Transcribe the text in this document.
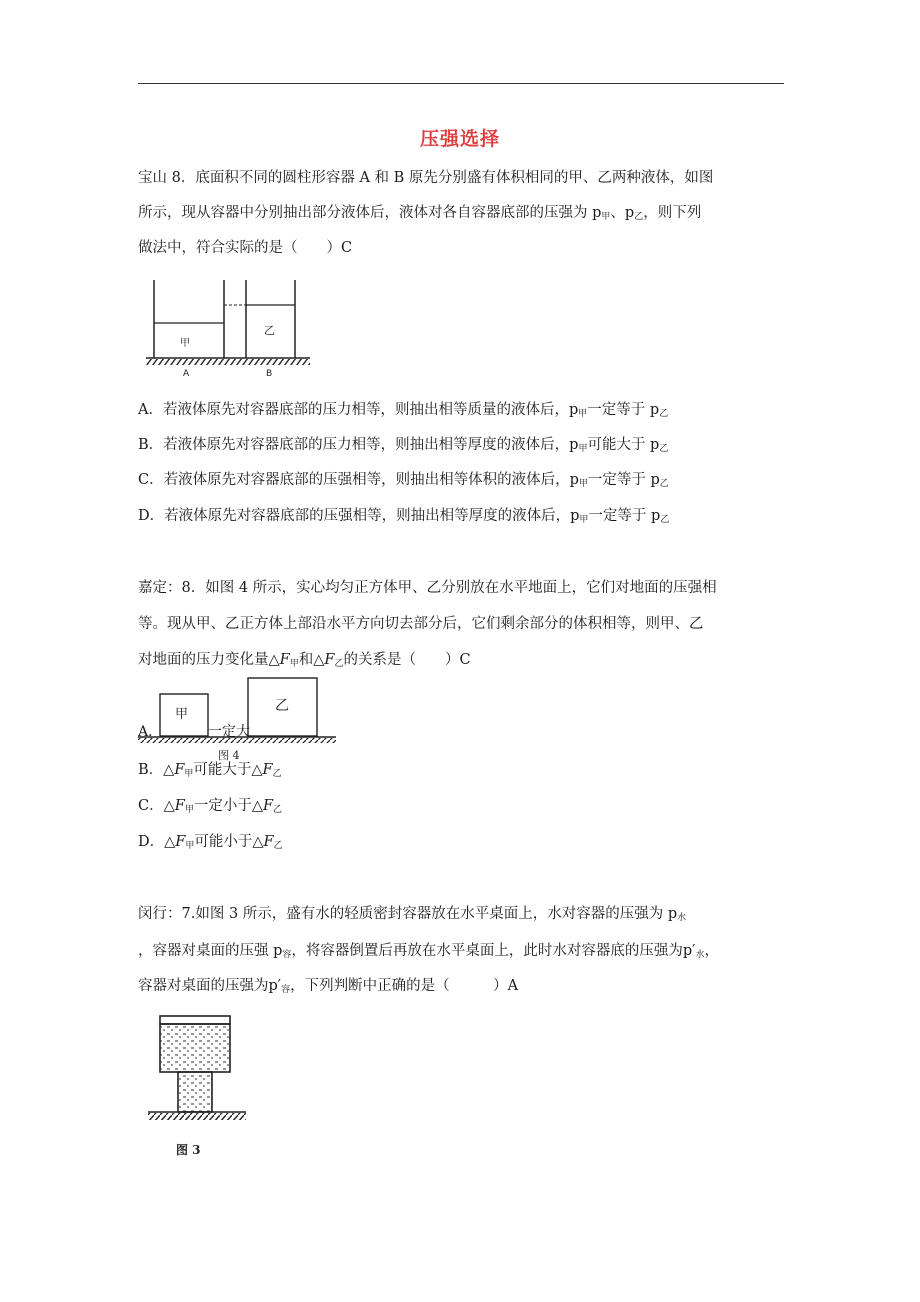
压强选择
宝山 8．底面积不同的圆柱形容器 A 和 B 原先分别盛有体积相同的甲、乙两种液体，如图
所示，现从容器中分别抽出部分液体后，液体对各自容器底部的压强为 $p_甲$、$p_乙$，则下列
做法中，符合实际的是（　　）C
甲
乙
A	B
A．若液体原先对容器底部的压力相等，则抽出相等质量的液体后，$p_甲$一定等于 $p_乙$
B．若液体原先对容器底部的压力相等，则抽出相等厚度的液体后，$p_甲$可能大于 $p_乙$
C．若液体原先对容器底部的压强相等，则抽出相等体积的液体后，$p_甲$一定等于 $p_乙$
D．若液体原先对容器底部的压强相等，则抽出相等厚度的液体后，$p_甲$一定等于 $p_乙$
嘉定：8．如图 4 所示，实心均匀正方体甲、乙分别放在水平地面上，它们对地面的压强相
等。现从甲、乙正方体上部沿水平方向切去部分后，它们剩余部分的体积相等，则甲、乙
对地面的压力变化量$\triangle F_甲$和$\triangle F_乙$的关系是（　　）C
甲
乙
图 4
A．	一定大
B．$\triangle F_甲$可能大于$\triangle F_乙$
C．$\triangle F_甲$一定小于$\triangle F_乙$
D．$\triangle F_甲$可能小于$\triangle F_乙$
闵行：7.如图 3 所示，盛有水的轻质密封容器放在水平桌面上，水对容器的压强为 $p_水$
，容器对桌面的压强 $p_容$，将容器倒置后再放在水平桌面上，此时水对容器底的压强为$p'_水$，
容器对桌面的压强为$p'_容$，下列判断中正确的是（　　　）A
图 3
